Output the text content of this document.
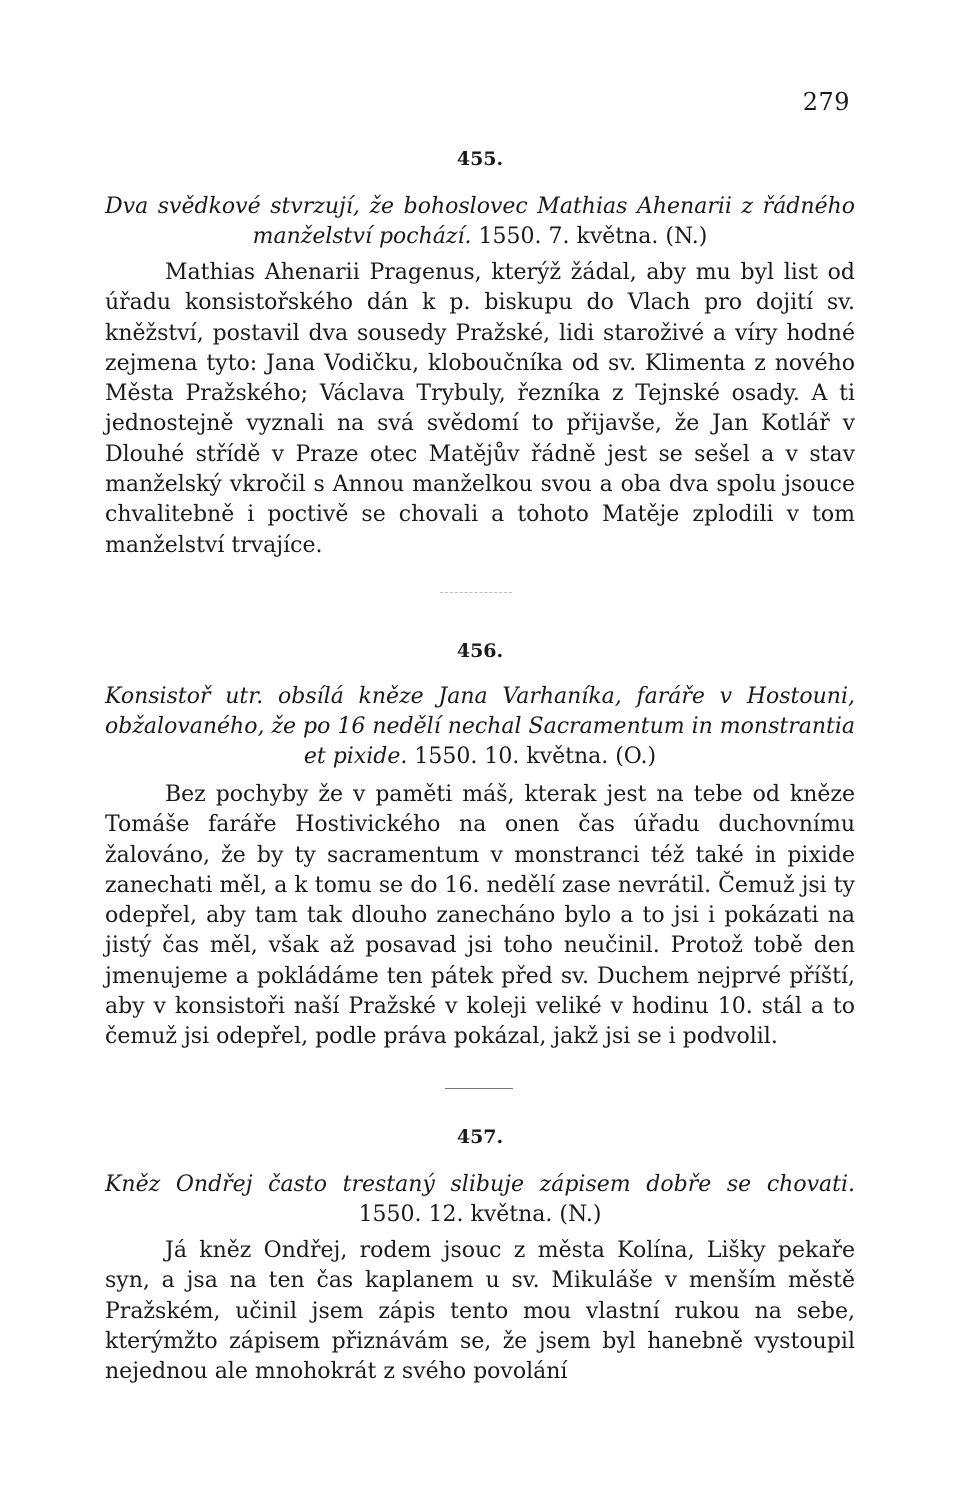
279
455.
Dva svědkové stvrzují, že bohoslovec Mathias Ahenarii z řádného manželství pochází. 1550. 7. května. (N.)

Mathias Ahenarii Pragenus, kterýž žádal, aby mu byl list od úřadu konsistořského dán k p. biskupu do Vlach pro dojití sv. kněžství, postavil dva sousedy Pražské, lidi staroživé a víry hodné zejmena tyto: Jana Vodičku, kloboučníka od sv. Klimenta z nového Města Pražského; Václava Trybuly, řezníka z Tejnské osady. A ti jednostejně vyznali na svá svědomí to přijavše, že Jan Kotlář v Dlouhé střídě v Praze otec Matějův řádně jest se sešel a v stav manželský vkročil s Annou manželkou svou a oba dva spolu jsouce chvalitebně i poctivě se chovali a tohoto Matěje zplodili v tom manželství trvajíce.

456.
Konsistoř utr. obsílá kněze Jana Varhaníka, faráře v Hostouni, obžalovaného, že po 16 nedělí nechal Sacramentum in monstrantia et pixide. 1550. 10. května. (O.)

Bez pochyby že v paměti máš, kterak jest na tebe od kněze Tomáše faráře Hostivického na onen čas úřadu duchovnímu žalováno, že by ty sacramentum v monstranci též také in pixide zanechati měl, a k tomu se do 16. nedělí zase nevrátil. Čemuž jsi ty odepřel, aby tam tak dlouho zanecháno bylo a to jsi i pokázati na jistý čas měl, však až posavad jsi toho neučinil. Protož tobě den jmenujeme a pokládáme ten pátek před sv. Duchem nejprvé příští, aby v konsistoři naší Pražské v koleji veliké v hodinu 10. stál a to čemuž jsi odepřel, podle práva pokázal, jakž jsi se i podvolil.

457.
Kněz Ondřej často trestaný slibuje zápisem dobře se chovati. 1550. 12. května. (N.)

Já kněz Ondřej, rodem jsouc z města Kolína, Lišky pekaře syn, a jsa na ten čas kaplanem u sv. Mikuláše v menším městě Pražském, učinil jsem zápis tento mou vlastní rukou na sebe, kterýmžto zápisem přiznávám se, že jsem byl hanebně vystoupil nejednou ale mnohokrát z svého povolání
